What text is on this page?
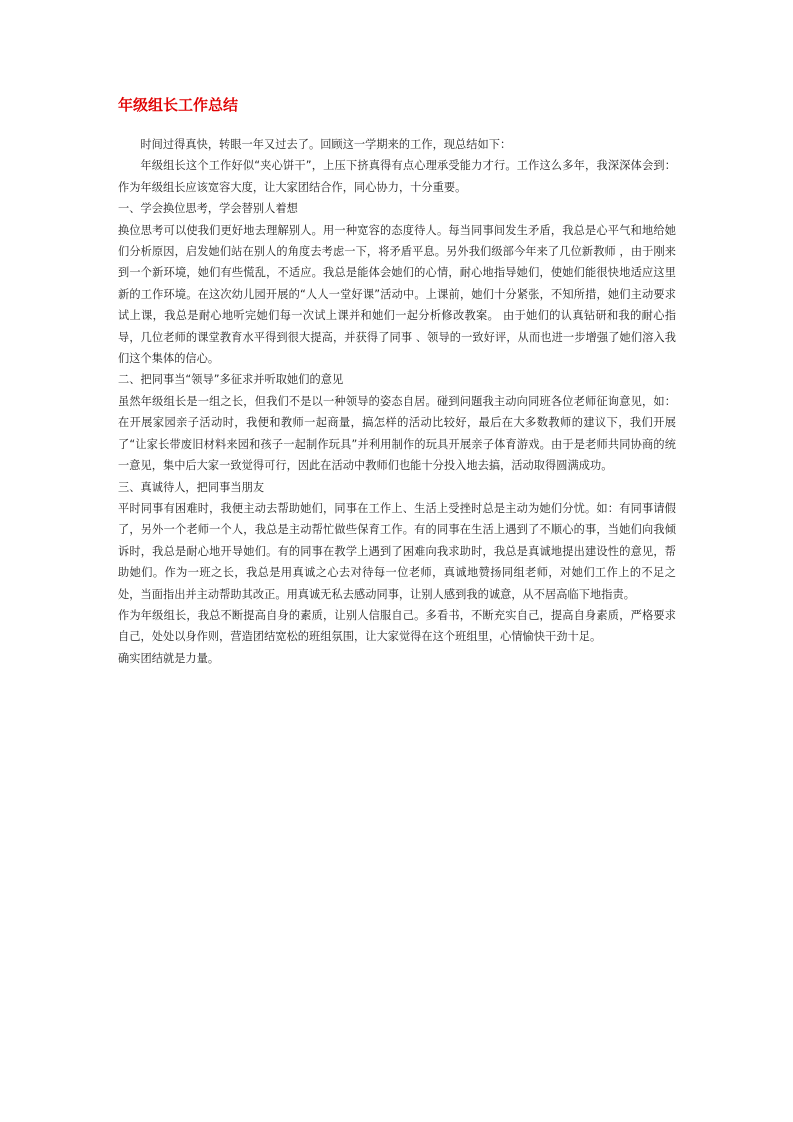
年级组长工作总结

时间过得真快，转眼一年又过去了。回顾这一学期来的工作，现总结如下：

年级组长这个工作好似“夹心饼干”，上压下挤真得有点心理承受能力才行。工作这么多年，我深深体会到：作为年级组长应该宽容大度，让大家团结合作，同心协力，十分重要。

一、学会换位思考，学会替别人着想

换位思考可以使我们更好地去理解别人。用一种宽容的态度待人。每当同事间发生矛盾，我总是心平气和地给她们分析原因，启发她们站在别人的角度去考虑一下，将矛盾平息。另外我们级部今年来了几位新教师 ，由于刚来到一个新环境，她们有些慌乱，不适应。我总是能体会她们的心情，耐心地指导她们，使她们能很快地适应这里新的工作环境。在这次幼儿园开展的“人人一堂好课”活动中。上课前，她们十分紧张，不知所措，她们主动要求试上课，我总是耐心地听完她们每一次试上课并和她们一起分析修改教案。 由于她们的认真钻研和我的耐心指导，几位老师的课堂教育水平得到很大提高，并获得了同事 、领导的一致好评，从而也进一步增强了她们溶入我们这个集体的信心。

二、把同事当“领导”多征求并听取她们的意见

虽然年级组长是一组之长，但我们不是以一种领导的姿态自居。碰到问题我主动向同班各位老师征询意见，如：在开展家园亲子活动时，我便和教师一起商量，搞怎样的活动比较好，最后在大多数教师的建议下，我们开展了“让家长带废旧材料来园和孩子一起制作玩具”并利用制作的玩具开展亲子体育游戏。由于是老师共同协商的统一意见，集中后大家一致觉得可行，因此在活动中教师们也能十分投入地去搞，活动取得圆满成功。

三、真诚待人，把同事当朋友

平时同事有困难时，我便主动去帮助她们，同事在工作上、生活上受挫时总是主动为她们分忧。如：有同事请假了，另外一个老师一个人，我总是主动帮忙做些保育工作。有的同事在生活上遇到了不顺心的事，当她们向我倾诉时，我总是耐心地开导她们。有的同事在教学上遇到了困难向我求助时，我总是真诚地提出建设性的意见，帮助她们。作为一班之长，我总是用真诚之心去对待每一位老师，真诚地赞扬同组老师，对她们工作上的不足之处，当面指出并主动帮助其改正。用真诚无私去感动同事，让别人感到我的诚意，从不居高临下地指责。

作为年级组长，我总不断提高自身的素质，让别人信服自己。多看书，不断充实自己，提高自身素质，严格要求自己，处处以身作则，营造团结宽松的班组氛围，让大家觉得在这个班组里，心情愉快干劲十足。

确实团结就是力量。
